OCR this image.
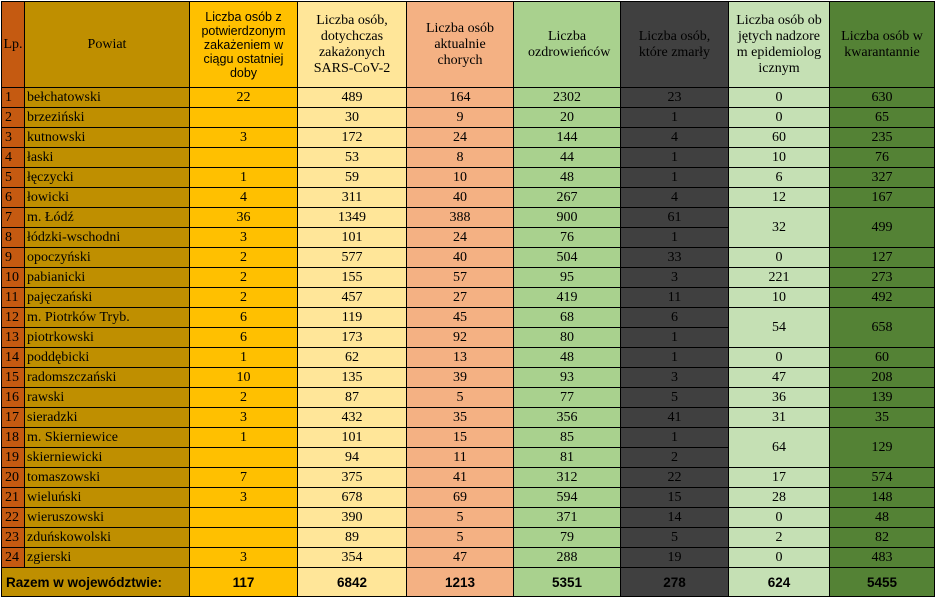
Lp.	Powiat	Liczba osób z potwierdzonym zakażeniem w ciągu ostatniej doby	Liczba osób, dotychczas zakażonych SARS-CoV-2	Liczba osób aktualnie chorych	Liczba ozdrowieńców	Liczba osób, które zmarły	Liczba osób objętych nadzorem epidemiologicznym	Liczba osób w kwarantannie
1	bełchatowski	22	489	164	2302	23	0	630
2	brzeziński		30	9	20	1	0	65
3	kutnowski	3	172	24	144	4	60	235
4	łaski		53	8	44	1	10	76
5	łęczycki	1	59	10	48	1	6	327
6	łowicki	4	311	40	267	4	12	167
7	m. Łódź	36	1349	388	900	61	32	499
8	łódzki-wschodni	3	101	24	76	1		
9	opoczyński	2	577	40	504	33	0	127
10	pabianicki	2	155	57	95	3	221	273
11	pajęczański	2	457	27	419	11	10	492
12	m. Piotrków Tryb.	6	119	45	68	6	54	658
13	piotrkowski	6	173	92	80	1		
14	poddębicki	1	62	13	48	1	0	60
15	radomszczański	10	135	39	93	3	47	208
16	rawski	2	87	5	77	5	36	139
17	sieradzki	3	432	35	356	41	31	35
18	m. Skierniewice	1	101	15	85	1	64	129
19	skierniewicki		94	11	81	2		
20	tomaszowski	7	375	41	312	22	17	574
21	wieluński	3	678	69	594	15	28	148
22	wieruszowski		390	5	371	14	0	48
23	zduńskowolski		89	5	79	5	2	82
24	zgierski	3	354	47	288	19	0	483
Razem w województwie:		117	6842	1213	5351	278	624	5455
